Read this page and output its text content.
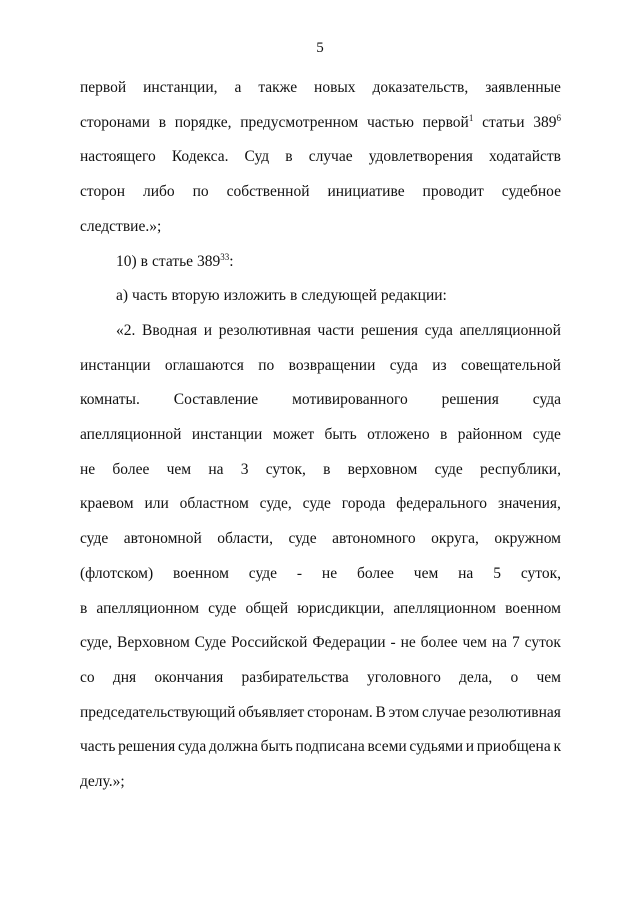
5
первой инстанции, а также новых доказательств, заявленные
сторонами в порядке, предусмотренном частью первой$^1$ статьи $389^6$
настоящего Кодекса. Суд в случае удовлетворения ходатайств
сторон либо по собственной инициативе проводит судебное
следствие.»;
10) в статье $389^{33}$:
а) часть вторую изложить в следующей редакции:
«2. Вводная и резолютивная части решения суда апелляционной
инстанции оглашаются по возвращении суда из совещательной
комнаты. Составление мотивированного решения суда
апелляционной инстанции может быть отложено в районном суде
не более чем на 3 суток, в верховном суде республики,
краевом или областном суде, суде города федерального значения,
суде автономной области, суде автономного округа, окружном
(флотском) военном суде - не более чем на 5 суток,
в апелляционном суде общей юрисдикции, апелляционном военном
суде, Верховном Суде Российской Федерации - не более чем на 7 суток
со дня окончания разбирательства уголовного дела, о чем
председательствующий объявляет сторонам. В этом случае резолютивная
часть решения суда должна быть подписана всеми судьями и приобщена к
делу.»;
